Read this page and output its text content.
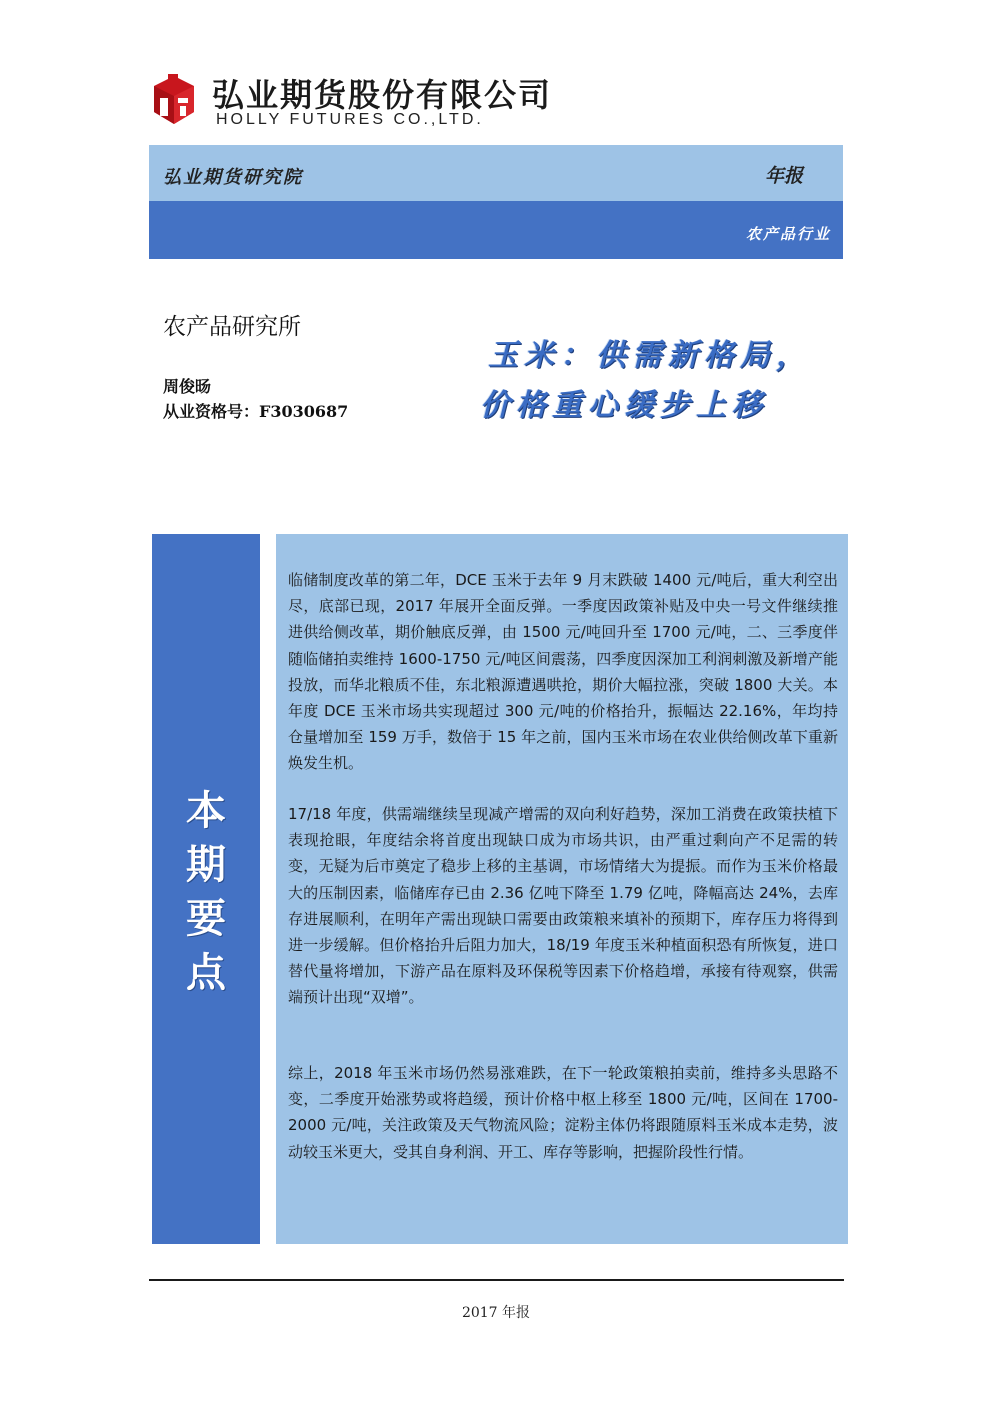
弘业期货股份有限公司
HOLLY FUTURES CO.,LTD.
弘业期货研究院	年报
农产品行业
农产品研究所
周俊旸
从业资格号：F3030687
玉米：供需新格局，
价格重心缓步上移
本期要点

临储制度改革的第二年，DCE 玉米于去年 9 月末跌破 1400 元/吨后，重大利空出尽，底部已现，2017 年展开全面反弹。一季度因政策补贴及中央一号文件继续推进供给侧改革，期价触底反弹，由 1500 元/吨回升至 1700 元/吨，二、三季度伴随临储拍卖维持 1600-1750 元/吨区间震荡，四季度因深加工利润刺激及新增产能投放，而华北粮质不佳，东北粮源遭遇哄抢，期价大幅拉涨，突破 1800 大关。本年度 DCE 玉米市场共实现超过 300 元/吨的价格抬升，振幅达 22.16%，年均持仓量增加至 159 万手，数倍于 15 年之前，国内玉米市场在农业供给侧改革下重新焕发生机。

17/18 年度，供需端继续呈现减产增需的双向利好趋势，深加工消费在政策扶植下表现抢眼，年度结余将首度出现缺口成为市场共识，由严重过剩向产不足需的转变，无疑为后市奠定了稳步上移的主基调，市场情绪大为提振。而作为玉米价格最大的压制因素，临储库存已由 2.36 亿吨下降至 1.79 亿吨，降幅高达 24%，去库存进展顺利，在明年产需出现缺口需要由政策粮来填补的预期下，库存压力将得到进一步缓解。但价格抬升后阻力加大，18/19 年度玉米种植面积恐有所恢复，进口替代量将增加，下游产品在原料及环保税等因素下价格趋增，承接有待观察，供需端预计出现“双增”。

综上，2018 年玉米市场仍然易涨难跌，在下一轮政策粮拍卖前，维持多头思路不变，二季度开始涨势或将趋缓，预计价格中枢上移至 1800 元/吨，区间在 1700-2000 元/吨，关注政策及天气物流风险；淀粉主体仍将跟随原料玉米成本走势，波动较玉米更大，受其自身利润、开工、库存等影响，把握阶段性行情。

2017 年报
